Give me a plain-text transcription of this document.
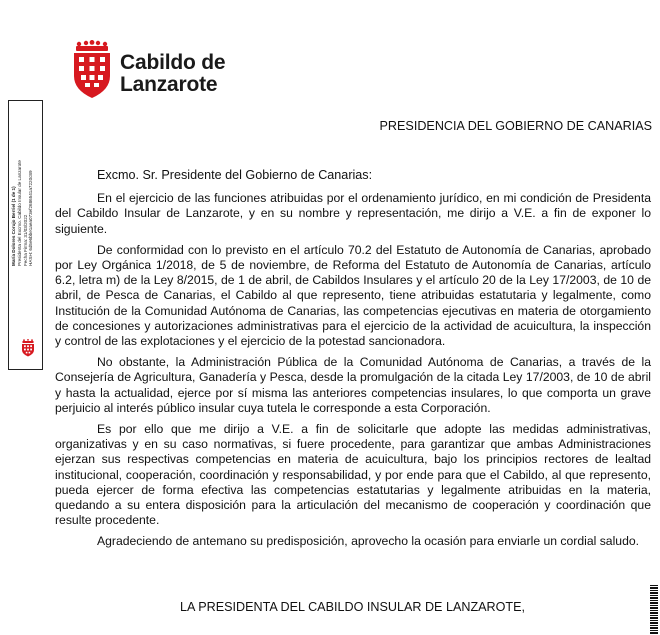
Cabildo de
Lanzarote
María Dolores Corujo Berriel (1 de 1) Presidenta del Excmo. Cabildo Insular de Lanzarote Fecha Firma: 31/03/2022 HASH: 6d5e6bbe1aea073ef2686541a7220c89
PRESIDENCIA DEL GOBIERNO DE CANARIAS
Excmo. Sr. Presidente del Gobierno de Canarias:

En el ejercicio de las funciones atribuidas por el ordenamiento jurídico, en mi condición de Presidenta del Cabildo Insular de Lanzarote, y en su nombre y representación, me dirijo a V.E. a fin de exponer lo siguiente.

De conformidad con lo previsto en el artículo 70.2 del Estatuto de Autonomía de Canarias, aprobado por Ley Orgánica 1/2018, de 5 de noviembre, de Reforma del Estatuto de Autonomía de Canarias, artículo 6.2, letra m) de la Ley 8/2015, de 1 de abril, de Cabildos Insulares y el artículo 20 de la Ley 17/2003, de 10 de abril, de Pesca de Canarias, el Cabildo al que represento, tiene atribuidas estatutaria y legalmente, como Institución de la Comunidad Autónoma de Canarias, las competencias ejecutivas en materia de otorgamiento de concesiones y autorizaciones administrativas para el ejercicio de la actividad de acuicultura, la inspección y control de las explotaciones y el ejercicio de la potestad sancionadora.

No obstante, la Administración Pública de la Comunidad Autónoma de Canarias, a través de la Consejería de Agricultura, Ganadería y Pesca, desde la promulgación de la citada Ley 17/2003, de 10 de abril y hasta la actualidad, ejerce por sí misma las anteriores competencias insulares, lo que comporta un grave perjuicio al interés público insular cuya tutela le corresponde a esta Corporación.

Es por ello que me dirijo a V.E. a fin de solicitarle que adopte las medidas administrativas, organizativas y en su caso normativas, si fuere procedente, para garantizar que ambas Administraciones ejerzan sus respectivas competencias en materia de acuicultura, bajo los principios rectores de lealtad institucional, cooperación, coordinación y responsabilidad, y por ende para que el Cabildo, al que represento, pueda ejercer de forma efectiva las competencias estatutarias y legalmente atribuidas en la materia, quedando a su entera disposición para la articulación del mecanismo de cooperación y coordinación que resulte procedente.

Agradeciendo de antemano su predisposición, aprovecho la ocasión para enviarle un cordial saludo.

LA PRESIDENTA DEL CABILDO INSULAR DE LANZAROTE,
